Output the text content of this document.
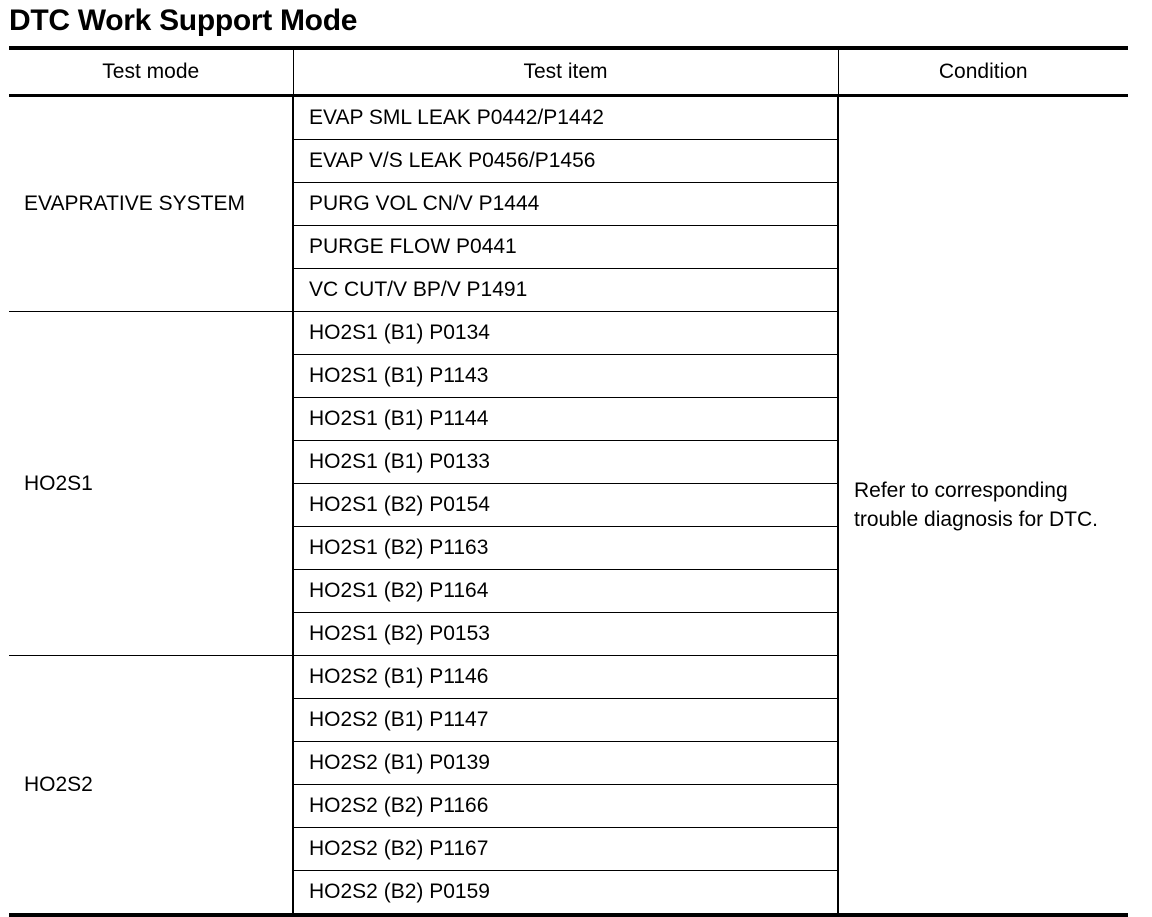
DTC Work Support Mode
Test mode	Test item	Condition
EVAPRATIVE SYSTEM	EVAP SML LEAK P0442/P1442	Refer to corresponding trouble diagnosis for DTC.
	EVAP V/S LEAK P0456/P1456	
	PURG VOL CN/V P1444	
	PURGE FLOW P0441	
	VC CUT/V BP/V P1491	
HO2S1	HO2S1 (B1) P0134	
	HO2S1 (B1) P1143	
	HO2S1 (B1) P1144	
	HO2S1 (B1) P0133	
	HO2S1 (B2) P0154	
	HO2S1 (B2) P1163	
	HO2S1 (B2) P1164	
	HO2S1 (B2) P0153	
HO2S2	HO2S2 (B1) P1146	
	HO2S2 (B1) P1147	
	HO2S2 (B1) P0139	
	HO2S2 (B2) P1166	
	HO2S2 (B2) P1167	
	HO2S2 (B2) P0159	
